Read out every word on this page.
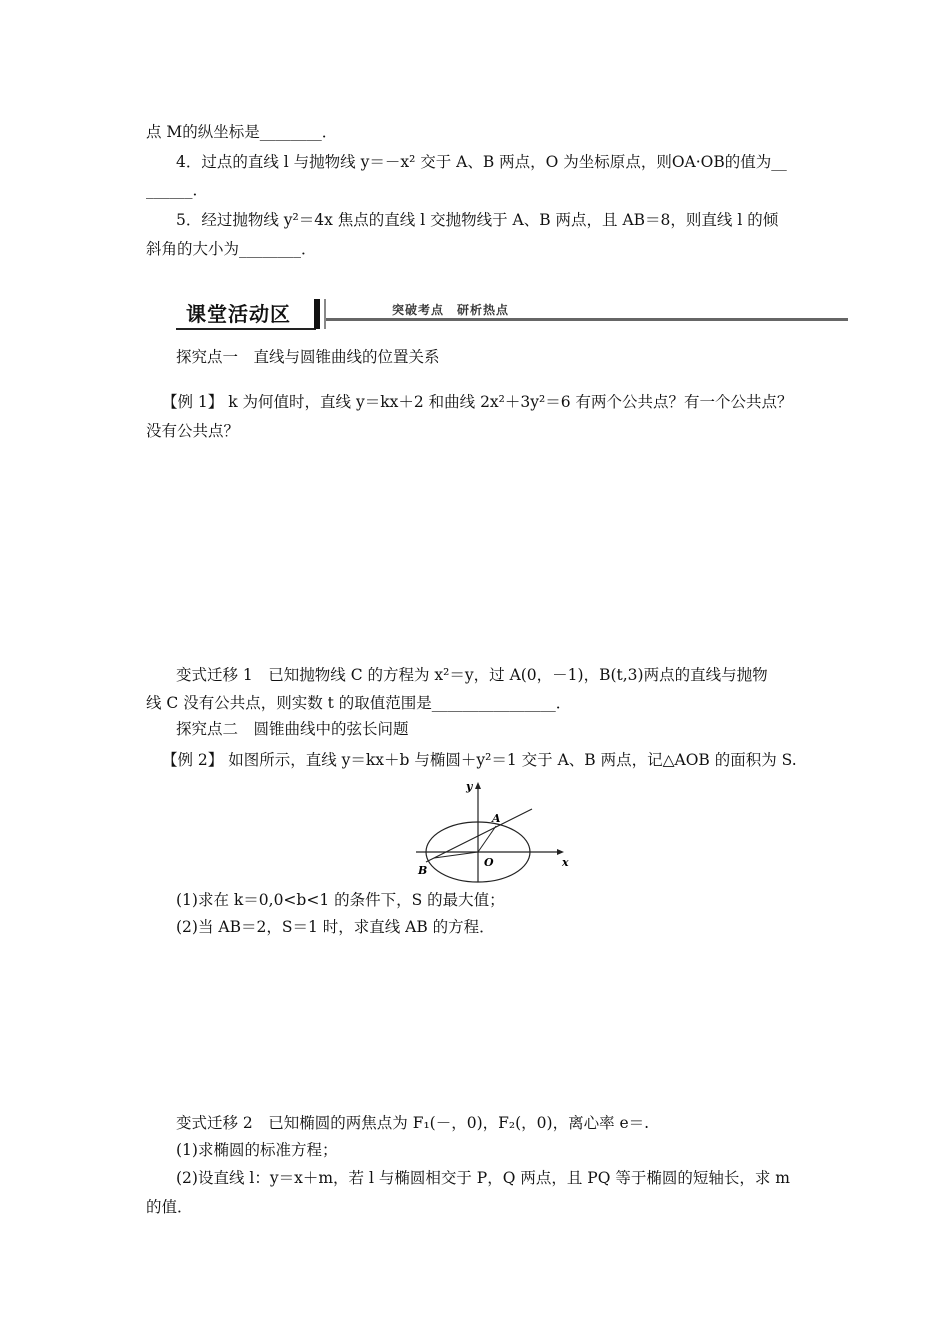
点 M的纵坐标是________．
4．过点的直线 l 与抛物线 y＝－x² 交于 A、B 两点，O 为坐标原点，则OA·OB的值为__
______．
5．经过抛物线 y²＝4x 焦点的直线 l 交抛物线于 A、B 两点，且 AB＝8，则直线 l 的倾
斜角的大小为________．
课堂活动区	突破考点　研析热点
探究点一　直线与圆锥曲线的位置关系
【例 1】 k 为何值时，直线 y＝kx＋2 和曲线 2x²＋3y²＝6 有两个公共点？有一个公共点？
没有公共点？
变式迁移 1　已知抛物线 C 的方程为 x²＝y，过 A(0，－1)，B(t,3)两点的直线与抛物
线 C 没有公共点，则实数 t 的取值范围是________________．
探究点二　圆锥曲线中的弦长问题
【例 2】 如图所示，直线 y＝kx＋b 与椭圆＋y²＝1 交于 A、B 两点，记△AOB 的面积为 S.
y
x
A
B
O
(1)求在 k＝0,0<b<1 的条件下，S 的最大值；
(2)当 AB＝2，S＝1 时，求直线 AB 的方程．
变式迁移 2　已知椭圆的两焦点为 F₁(－，0)，F₂(，0)，离心率 e＝.
(1)求椭圆的标准方程；
(2)设直线 l：y＝x＋m，若 l 与椭圆相交于 P，Q 两点，且 PQ 等于椭圆的短轴长，求 m
的值．
